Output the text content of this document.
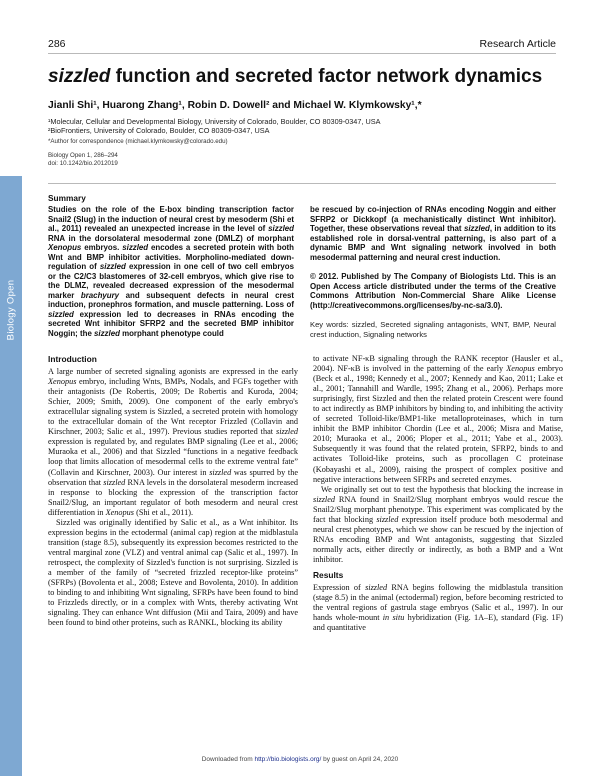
286	Research Article
sizzled function and secreted factor network dynamics
Jianli Shi¹, Huarong Zhang¹, Robin D. Dowell² and Michael W. Klymkowsky¹,*
¹Molecular, Cellular and Developmental Biology, University of Colorado, Boulder, CO 80309-0347, USA
²BioFrontiers, University of Colorado, Boulder, CO 80309-0347, USA
*Author for correspondence (michael.klymkowsky@colorado.edu)
Biology Open 1, 286–294
doi: 10.1242/bio.2012019
Summary

Studies on the role of the E-box binding transcription factor Snail2 (Slug) in the induction of neural crest by mesoderm (Shi et al., 2011) revealed an unexpected increase in the level of sizzled RNA in the dorsolateral mesodermal zone (DMLZ) of morphant Xenopus embryos. sizzled encodes a secreted protein with both Wnt and BMP inhibitor activities. Morpholino-mediated down-regulation of sizzled expression in one cell of two cell embryos or the C2/C3 blastomeres of 32-cell embryos, which give rise to the DLMZ, revealed decreased expression of the mesodermal marker brachyury and subsequent defects in neural crest induction, pronephros formation, and muscle patterning. Loss of sizzled expression led to decreases in RNAs encoding the secreted Wnt inhibitor SFRP2 and the secreted BMP inhibitor Noggin; the sizzled morphant phenotype could

be rescued by co-injection of RNAs encoding Noggin and either SFRP2 or Dickkopf (a mechanistically distinct Wnt inhibitor). Together, these observations reveal that sizzled, in addition to its established role in dorsal-ventral patterning, is also part of a dynamic BMP and Wnt signaling network involved in both mesodermal patterning and neural crest induction.

© 2012. Published by The Company of Biologists Ltd. This is an Open Access article distributed under the terms of the Creative Commons Attribution Non-Commercial Share Alike License (http://creativecommons.org/licenses/by-nc-sa/3.0).

Key words: sizzled, Secreted signaling antagonists, WNT, BMP, Neural crest induction, Signaling networks
Biology Open
Introduction

A large number of secreted signaling agonists are expressed in the early Xenopus embryo, including Wnts, BMPs, Nodals, and FGFs together with their antagonists (De Robertis, 2009; De Robertis and Kuroda, 2004; Schier, 2009; Smith, 2009). One component of the early embryo's extracellular signaling system is Sizzled, a secreted protein with homology to the extracellular domain of the Wnt receptor Frizzled (Collavin and Kirschner, 2003; Salic et al., 1997). Previous studies reported that sizzled expression is regulated by, and regulates BMP signaling (Lee et al., 2006; Muraoka et al., 2006) and that Sizzled “functions in a negative feedback loop that limits allocation of mesodermal cells to the extreme ventral fate” (Collavin and Kirschner, 2003). Our interest in sizzled was spurred by the observation that sizzled RNA levels in the dorsolateral mesoderm increased in response to blocking the expression of the transcription factor Snail2/Slug, an important regulator of both mesoderm and neural crest differentiation in Xenopus (Shi et al., 2011).

Sizzled was originally identified by Salic et al., as a Wnt inhibitor. Its expression begins in the ectodermal (animal cap) region at the midblastula transition (stage 8.5), subsequently its expression becomes restricted to the ventral marginal zone (VLZ) and ventral animal cap (Salic et al., 1997). In retrospect, the complexity of Sizzled's function is not surprising. Sizzled is a member of the family of “secreted frizzled receptor-like proteins” (SFRPs) (Bovolenta et al., 2008; Esteve and Bovolenta, 2010). In addition to binding to and inhibiting Wnt signaling, SFRPs have been found to bind to Frizzleds directly, or in a complex with Wnts, thereby activating Wnt signaling. They can enhance Wnt diffusion (Mii and Taira, 2009) and have been found to bind other proteins, such as RANKL, blocking its ability

to activate NF-κB signaling through the RANK receptor (Hausler et al., 2004). NF-κB is involved in the patterning of the early Xenopus embryo (Beck et al., 1998; Kennedy et al., 2007; Kennedy and Kao, 2011; Lake et al., 2001; Tannahill and Wardle, 1995; Zhang et al., 2006). Perhaps more surprisingly, first Sizzled and then the related protein Crescent were found to act indirectly as BMP inhibitors by binding to, and inhibiting the activity of secreted Tolloid-like/BMP1-like metalloproteinases, which in turn inhibit the BMP inhibitor Chordin (Lee et al., 2006; Misra and Matise, 2010; Muraoka et al., 2006; Ploper et al., 2011; Yabe et al., 2003). Subsequently it was found that the related protein, SFRP2, binds to and activates Tolloid-like proteins, such as procollagen C proteinase (Kobayashi et al., 2009), raising the prospect of complex positive and negative interactions between SFRPs and secreted enzymes.

We originally set out to test the hypothesis that blocking the increase in sizzled RNA found in Snail2/Slug morphant embryos would rescue the Snail2/Slug morphant phenotype. This experiment was complicated by the fact that blocking sizzled expression itself produce both mesodermal and neural crest phenotypes, which we show can be rescued by the injection of RNAs encoding BMP and Wnt antagonists, suggesting that Sizzled normally acts, either directly or indirectly, as both a BMP and a Wnt inhibitor.

Results

Expression of sizzled RNA begins following the midblastula transition (stage 8.5) in the animal (ectodermal) region, before becoming restricted to the ventral regions of gastrula stage embryos (Salic et al., 1997). In our hands whole-mount in situ hybridization (Fig. 1A–E), standard (Fig. 1F) and quantitative

Downloaded from http://bio.biologists.org/ by guest on April 24, 2020
